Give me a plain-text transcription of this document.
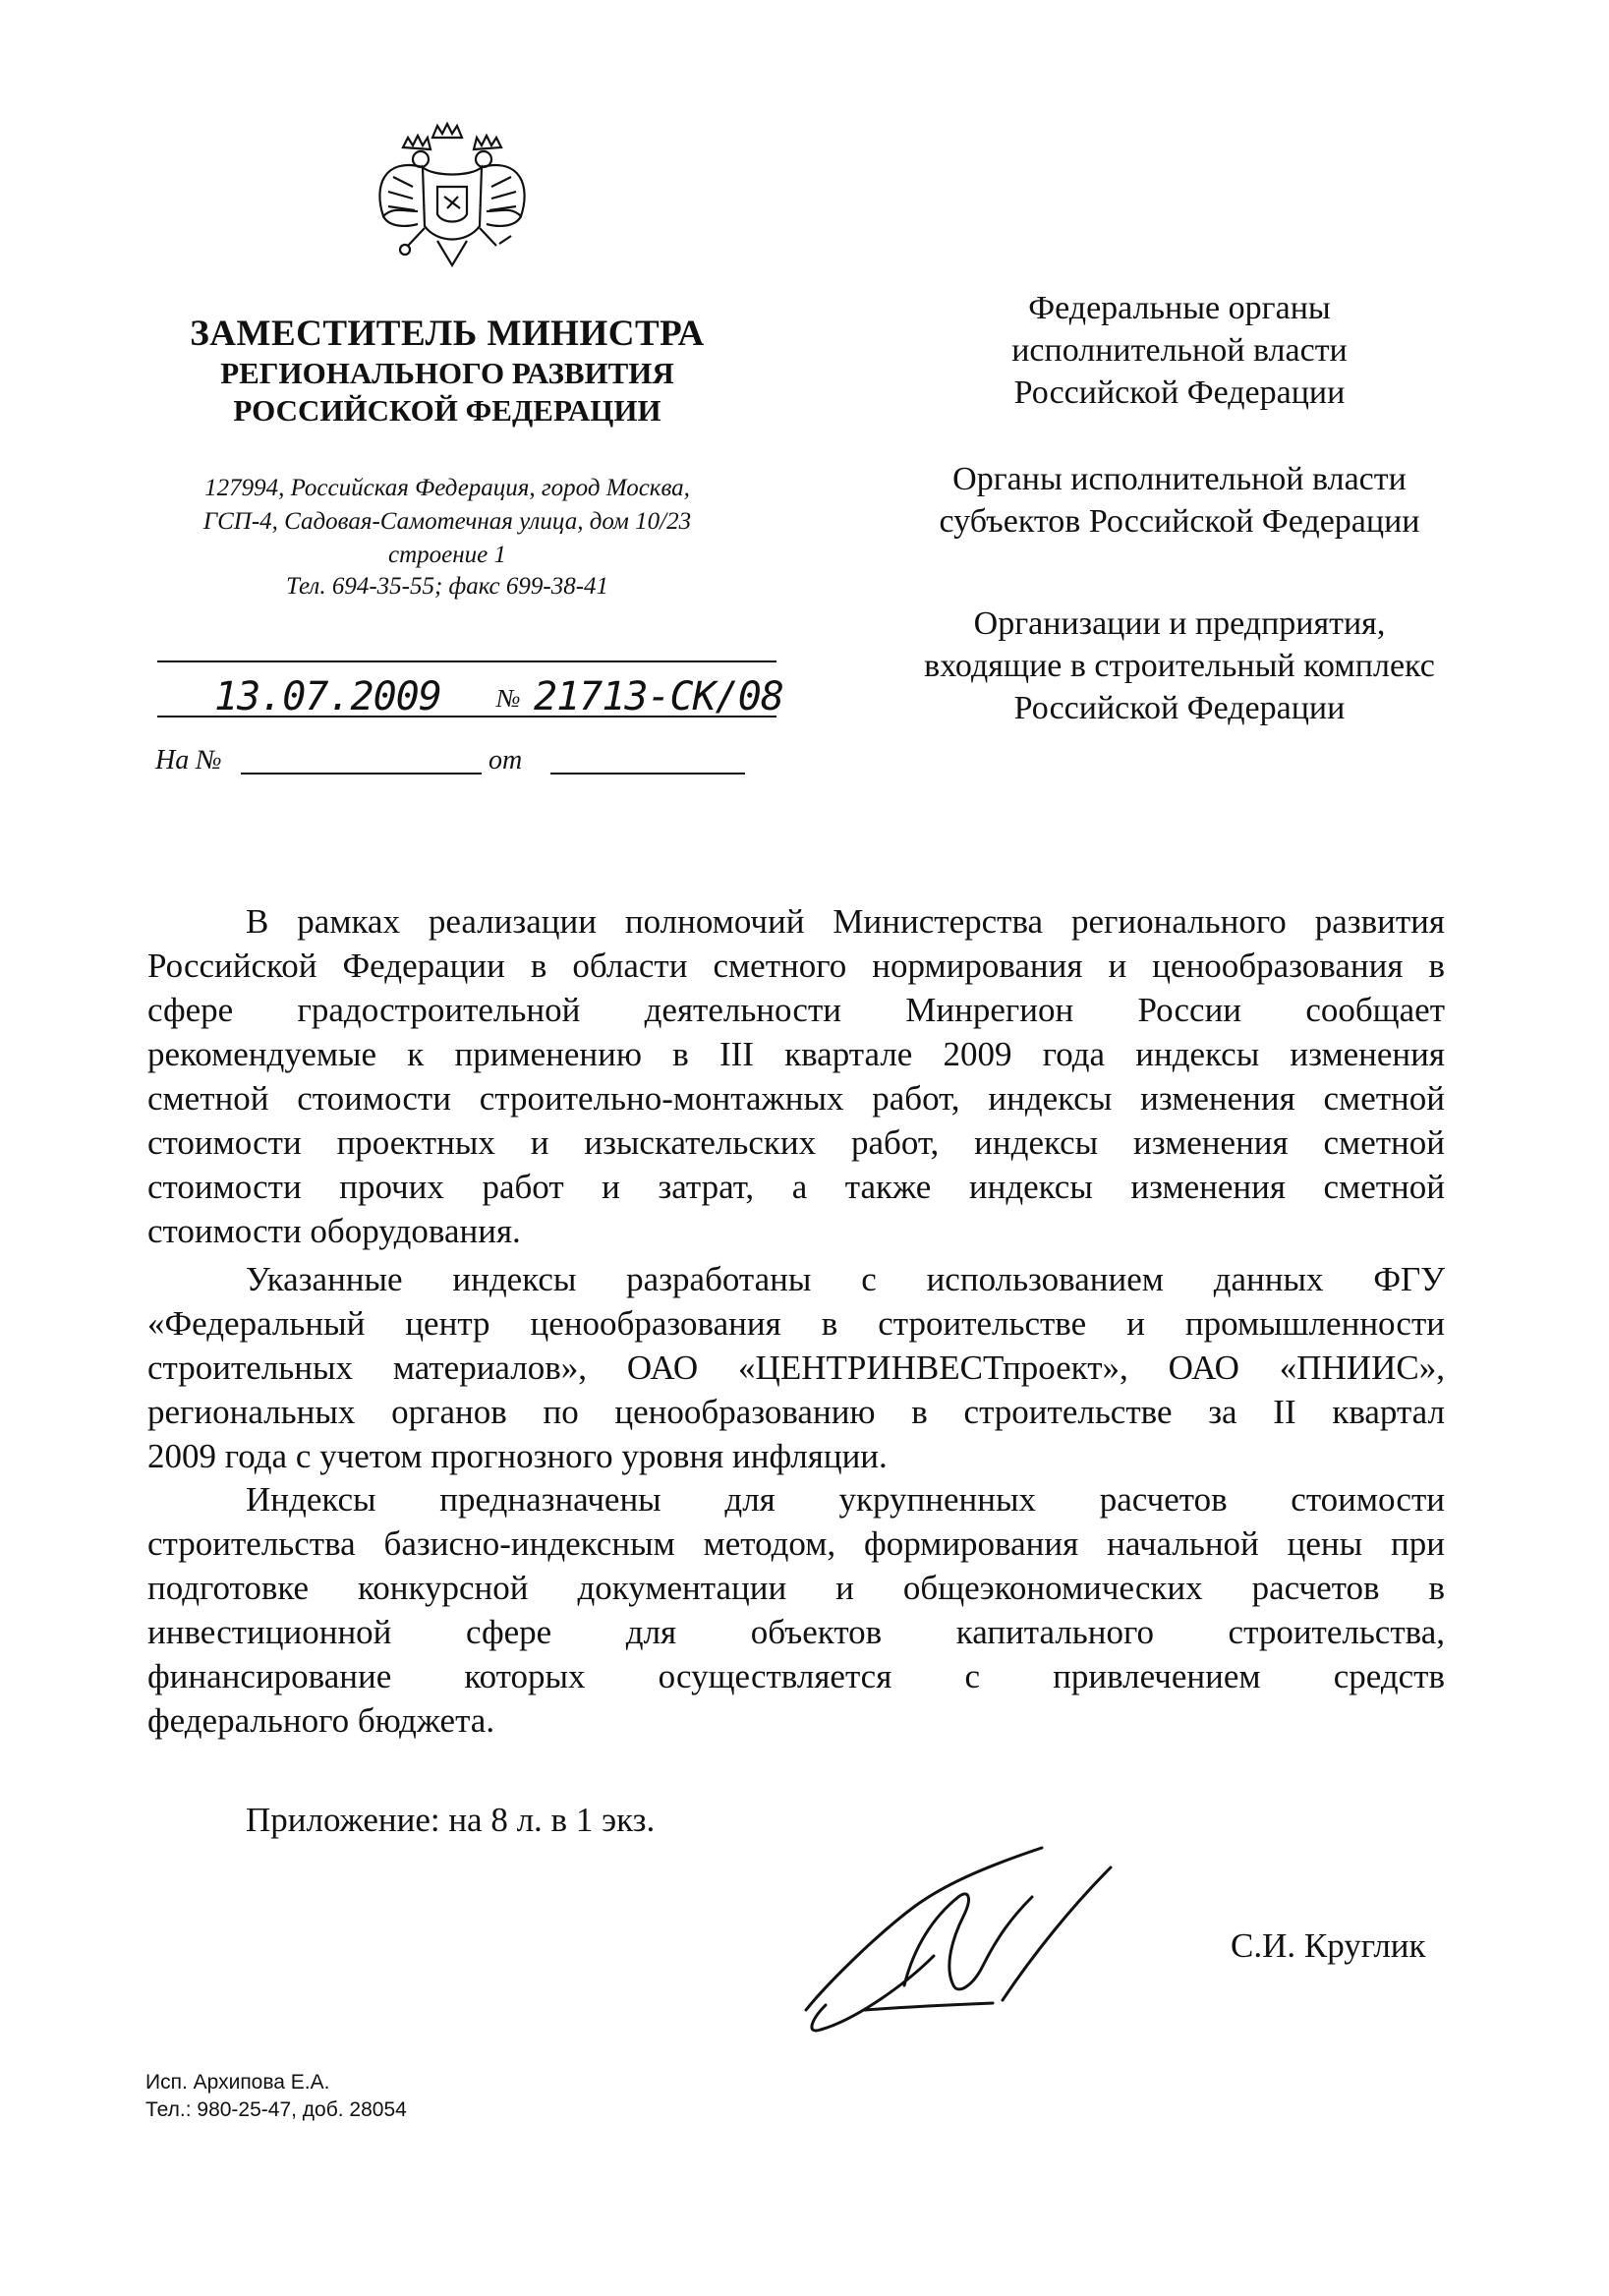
ЗАМЕСТИТЕЛЬ МИНИСТРА
РЕГИОНАЛЬНОГО РАЗВИТИЯ
РОССИЙСКОЙ ФЕДЕРАЦИИ
127994, Российская Федерация, город Москва,
ГСП-4, Садовая-Самотечная улица, дом 10/23
строение 1
Тел. 694-35-55; факс 699-38-41
13.07.2009 № 21713-СК/08
На №	от
Федеральные органы
исполнительной власти
Российской Федерации
Органы исполнительной власти
субъектов Российской Федерации
Организации и предприятия,
входящие в строительный комплекс
Российской Федерации
В рамках реализации полномочий Министерства регионального развития
Российской Федерации в области сметного нормирования и ценообразования в
сфере градостроительной деятельности Минрегион России сообщает
рекомендуемые к применению в III квартале 2009 года индексы изменения
сметной стоимости строительно-монтажных работ, индексы изменения сметной
стоимости проектных и изыскательских работ, индексы изменения сметной
стоимости прочих работ и затрат, а также индексы изменения сметной
стоимости оборудования.
Указанные индексы разработаны с использованием данных ФГУ
«Федеральный центр ценообразования в строительстве и промышленности
строительных материалов», ОАО «ЦЕНТРИНВЕСТпроект», ОАО «ПНИИС»,
региональных органов по ценообразованию в строительстве за II квартал
2009 года с учетом прогнозного уровня инфляции.
Индексы предназначены для укрупненных расчетов стоимости
строительства базисно-индексным методом, формирования начальной цены при
подготовке конкурсной документации и общеэкономических расчетов в
инвестиционной сфере для объектов капитального строительства,
финансирование которых осуществляется с привлечением средств
федерального бюджета.
Приложение: на 8 л. в 1 экз.
С.И. Круглик
Исп. Архипова Е.А.
Тел.: 980-25-47, доб. 28054
